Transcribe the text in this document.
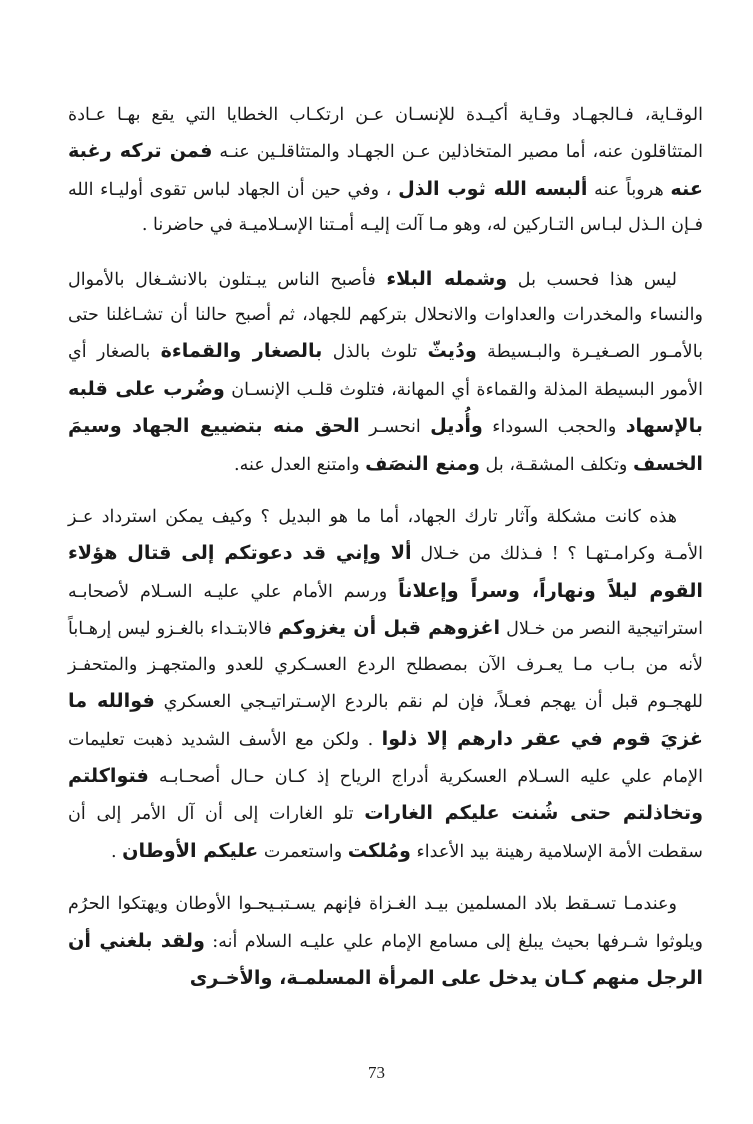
الوقـاية، فـالجهـاد وقـاية أكيـدة للإنسـان عـن ارتكـاب الخطايا التي يقع بهـا عـادة المتثاقلون عنه، أما مصير المتخاذلين عـن الجهـاد والمتثاقلـين عنـه فمن تركه رغبة عنه هروباً عنه ألبسه الله ثوب الذل ، وفي حين أن الجهاد لباس تقوى أوليـاء الله فـإن الـذل لبـاس التـاركين له، وهو مـا آلت إليـه أمـتنا الإسـلاميـة في حاضرنا .

ليس هذا فحسب بل وشمله البلاء فأصبح الناس يبـتلون بالانشـغال بالأموال والنساء والمخدرات والعداوات والانحلال بتركهم للجهاد، ثم أصبح حالنا أن تشـاغلنا حتى بالأمـور الصـغيـرة والبـسيطة ودُيثّ تلوث بالذل بالصغار والقماءة بالصغار أي الأمور البسيطة المذلة والقماءة أي المهانة، فتلوث قلـب الإنسـان وضُرب على قلبه بالإسهاد والحجب السوداء وأُديل انحسـر الحق منه بتضييع الجهاد وسيمَ الخسف وتكلف المشقـة، بل ومنع النصَف وامتنع العدل عنه.

هذه كانت مشكلة وآثار تارك الجهاد، أما ما هو البديل ؟ وكيف يمكن استرداد عـز الأمـة وكرامـتهـا ؟ ! فـذلك من خـلال ألا وإني قد دعوتكم إلى قتال هؤلاء القوم ليلاً ونهاراً، وسراً وإعلاناً ورسم الأمام علي عليـه السـلام لأصحابـه استراتيجية النصر من خـلال اغزوهم قبل أن يغزوكم فالابتـداء بالغـزو ليس إرهـاباً لأنه من بـاب مـا يعـرف الآن بمصطلح الردع العسـكري للعدو والمتجهـز والمتحفـز للهجـوم قبل أن يهجم فعـلاً، فإن لم نقم بالردع الإسـتراتيـجي العسكري فوالله ما غزيَ قوم في عقر دارهم إلا ذلوا . ولكن مع الأسف الشديد ذهبت تعليمات الإمام علي عليه السـلام العسكرية أدراج الرياح إذ كـان حـال أصحـابـه فتواكلتم وتخاذلتم حتى شُنت عليكم الغارات تلو الغارات إلى أن آل الأمر إلى أن سقطت الأمة الإسلامية رهينة بيد الأعداء ومُلكت واستعمرت عليكم الأوطان .

وعندمـا تسـقط بلاد المسلمين بيـد الغـزاة فإنهم يسـتبـيحـوا الأوطان ويهتكوا الحرُم ويلوثوا شـرفها بحيث يبلغ إلى مسامع الإمام علي عليـه السلام أنه: ولقد بلغني أن الرجل منهم كـان يدخل على المرأة المسلمـة، والأخـرى

73
